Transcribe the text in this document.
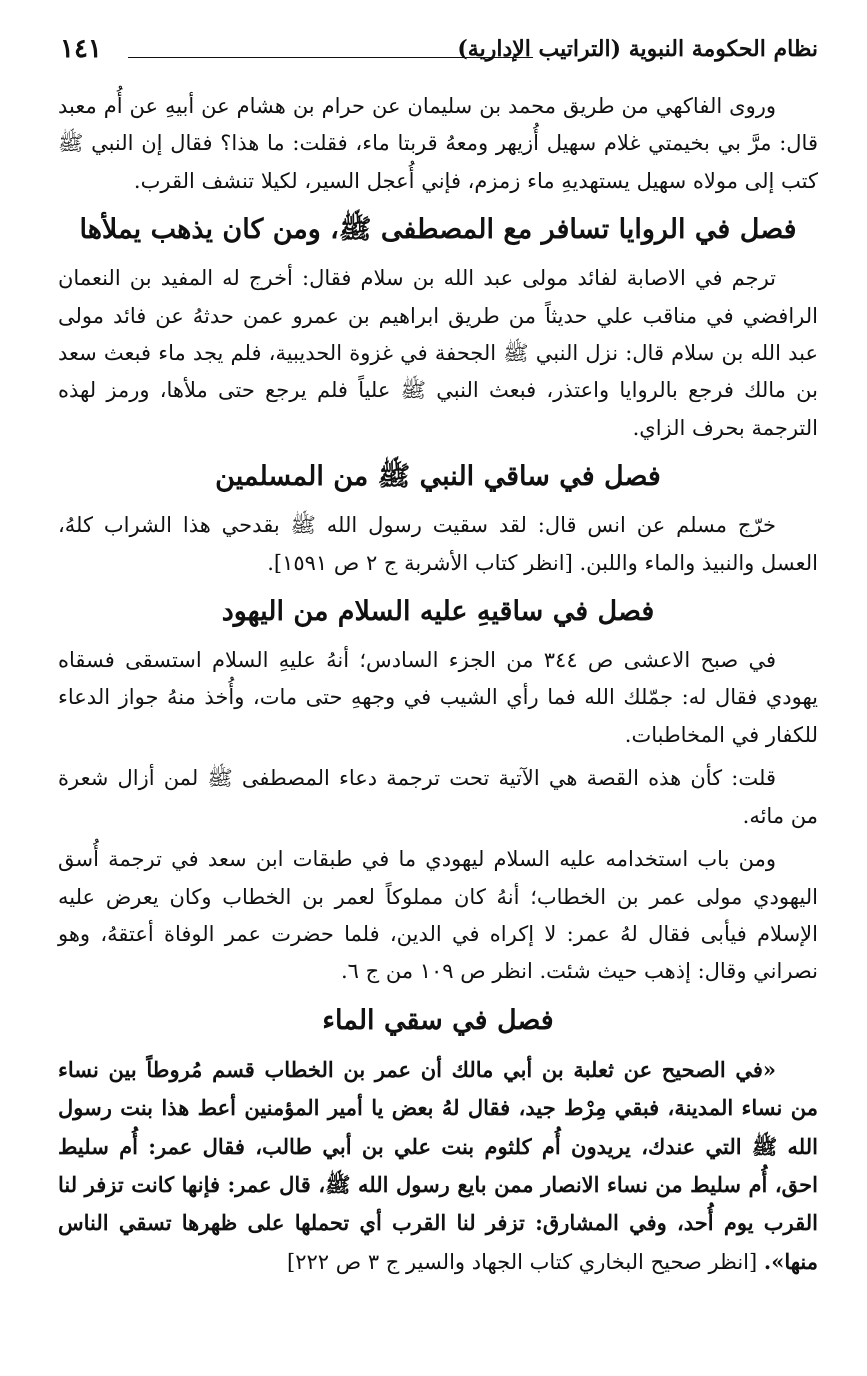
نظام الحكومة النبوية (التراتيب الإدارية)
١٤١

وروى الفاكهي من طريق محمد بن سليمان عن حرام بن هشام عن أبيهِ عن أُم معبد قال: مرَّ بي بخيمتي غلام سهيل أُزيهر ومعهُ قربتا ماء، فقلت: ما هذا؟ فقال إن النبي ﷺ كتب إلى مولاه سهيل يستهديهِ ماء زمزم، فإني أُعجل السير، لكيلا تنشف القرب.

فصل في الروايا تسافر مع المصطفى ﷺ، ومن كان يذهب يملأها

ترجم في الاصابة لفائد مولى عبد الله بن سلام فقال: أخرج له المفيد بن النعمان الرافضي في مناقب علي حديثاً من طريق ابراهيم بن عمرو عمن حدثهُ عن فائد مولى عبد الله بن سلام قال: نزل النبي ﷺ الجحفة في غزوة الحديبية، فلم يجد ماء فبعث سعد بن مالك فرجع بالروايا واعتذر، فبعث النبي ﷺ علياً فلم يرجع حتى ملأها، ورمز لهذه الترجمة بحرف الزاي.

فصل في ساقي النبي ﷺ من المسلمين

خرّج مسلم عن انس قال: لقد سقيت رسول الله ﷺ بقدحي هذا الشراب كلهُ، العسل والنبيذ والماء واللبن. [انظر كتاب الأشربة ج ٢ ص ١٥٩١].

فصل في ساقيهِ عليه السلام من اليهود

في صبح الاعشى ص ٣٤٤ من الجزء السادس؛ أنهُ عليهِ السلام استسقى فسقاه يهودي فقال له: جمّلك الله فما رأي الشيب في وجههِ حتى مات، وأُخذ منهُ جواز الدعاء للكفار في المخاطبات.

قلت: كأن هذه القصة هي الآتية تحت ترجمة دعاء المصطفى ﷺ لمن أزال شعرة من مائه.

ومن باب استخدامه عليه السلام ليهودي ما في طبقات ابن سعد في ترجمة أُسق اليهودي مولى عمر بن الخطاب؛ أنهُ كان مملوكاً لعمر بن الخطاب وكان يعرض عليه الإسلام فيأبى فقال لهُ عمر: لا إكراه في الدين، فلما حضرت عمر الوفاة أعتقهُ، وهو نصراني وقال: إذهب حيث شئت. انظر ص ١٠٩ من ج ٦.

فصل في سقي الماء

«في الصحيح عن ثعلبة بن أبي مالك أن عمر بن الخطاب قسم مُروطاً بين نساء من نساء المدينة، فبقي مِرْط جيد، فقال لهُ بعض يا أمير المؤمنين أعط هذا بنت رسول الله ﷺ التي عندك، يريدون أُم كلثوم بنت علي بن أبي طالب، فقال عمر: أُم سليط احق، أُم سليط من نساء الانصار ممن بايع رسول الله ﷺ، قال عمر: فإنها كانت تزفر لنا القرب يوم أُحد، وفي المشارق: تزفر لنا القرب أي تحملها على ظهرها تسقي الناس منها». [انظر صحيح البخاري كتاب الجهاد والسير ج ٣ ص ٢٢٢]
